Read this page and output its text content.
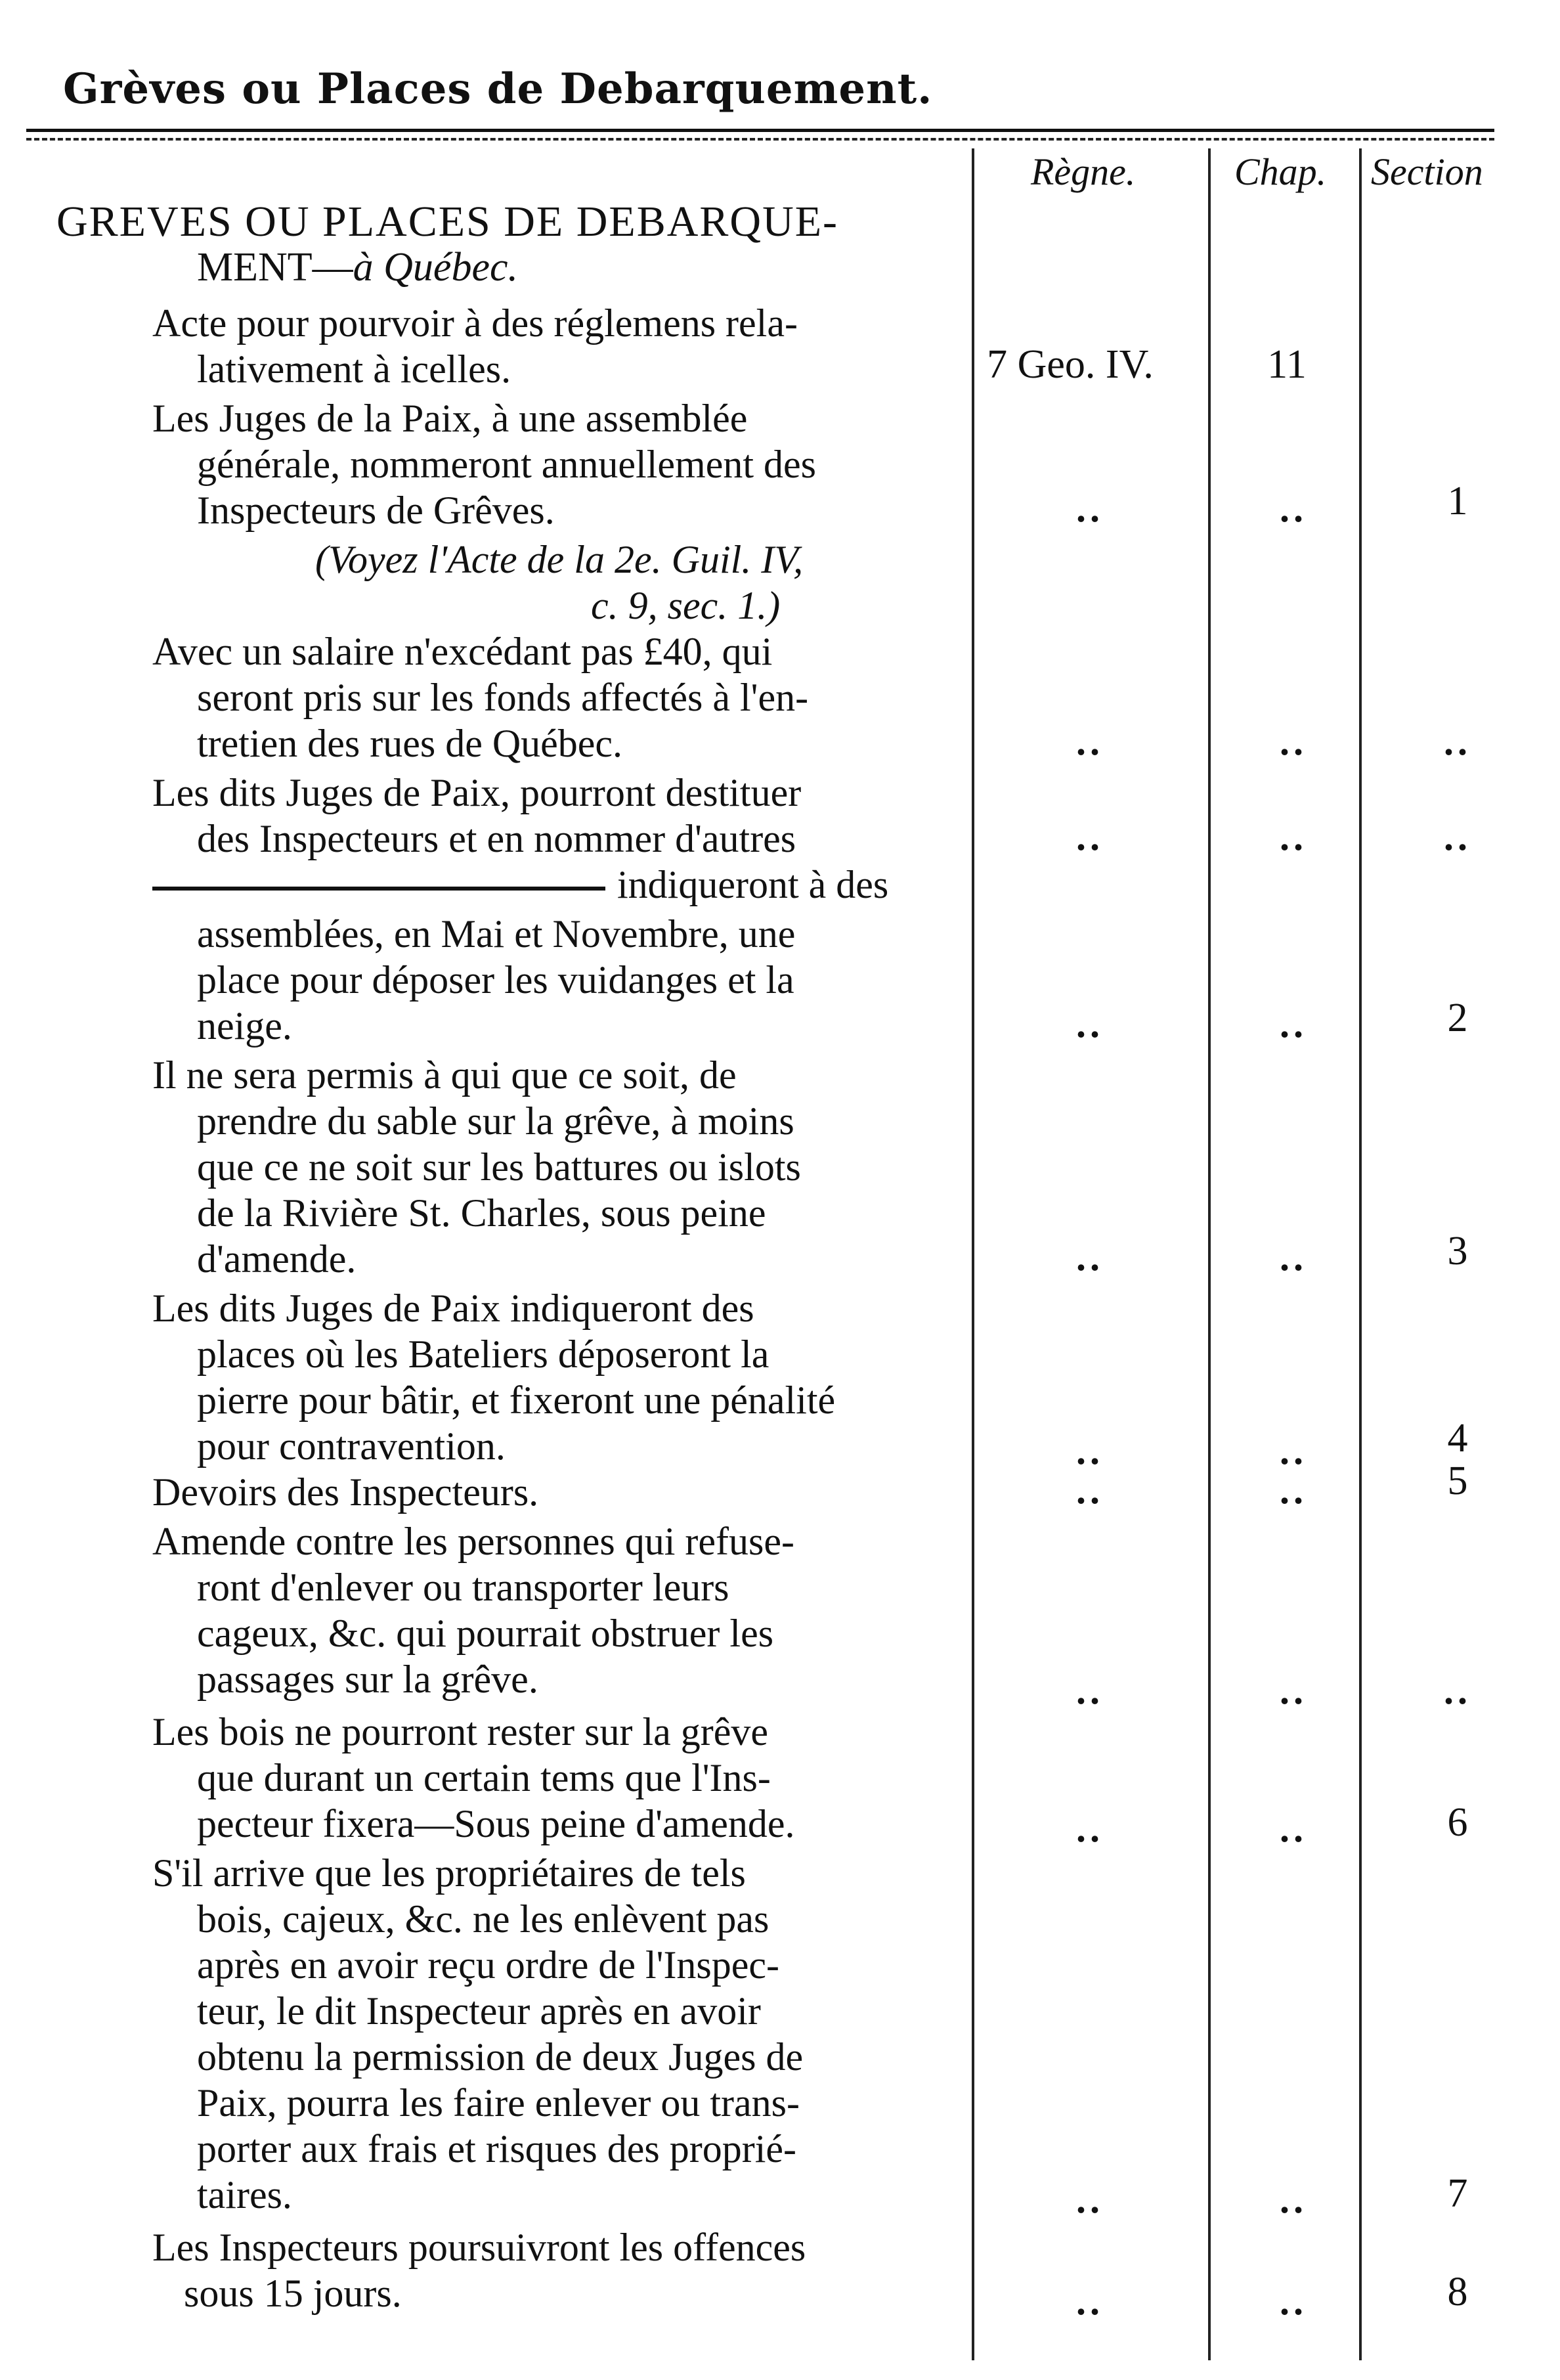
Grèves ou Places de Debarquement.
Règne.	Chap. Section
GREVES OU PLACES DE DEBARQUE-
MENT—à Québec.
Acte pour pourvoir à des réglemens rela-
lativement à icelles.	7 Geo. IV.	11
Les Juges de la Paix, à une assemblée
générale, nommeront annuellement des
Inspecteurs de Grêves.	..	..	1
(Voyez l'Acte de la 2e. Guil. IV,
c. 9, sec. 1.)
Avec un salaire n'excédant pas £40, qui
seront pris sur les fonds affectés à l'en-
tretien des rues de Québec.	..	..	..
Les dits Juges de Paix, pourront destituer
des Inspecteurs et en nommer d'autres	..	..	..
indiqueront à des
assemblées, en Mai et Novembre, une
place pour déposer les vuidanges et la
neige.	..	..	2
Il ne sera permis à qui que ce soit, de
prendre du sable sur la grêve, à moins
que ce ne soit sur les battures ou islots
de la Rivière St. Charles, sous peine
d'amende.	..	..	3
Les dits Juges de Paix indiqueront des
places où les Bateliers déposeront la
pierre pour bâtir, et fixeront une pénalité
pour contravention.	..	..	4
Devoirs des Inspecteurs.	..	..	5
Amende contre les personnes qui refuse-
ront d'enlever ou transporter leurs
cageux, &c. qui pourrait obstruer les
passages sur la grêve.	..	..	..
Les bois ne pourront rester sur la grêve
que durant un certain tems que l'Ins-
pecteur fixera—Sous peine d'amende.	..	..	6
S'il arrive que les propriétaires de tels
bois, cajeux, &c. ne les enlèvent pas
après en avoir reçu ordre de l'Inspec-
teur, le dit Inspecteur après en avoir
obtenu la permission de deux Juges de
Paix, pourra les faire enlever ou trans-
porter aux frais et risques des proprié-
taires.	..	..	7
Les Inspecteurs poursuivront les offences
sous 15 jours.	..	..	8
